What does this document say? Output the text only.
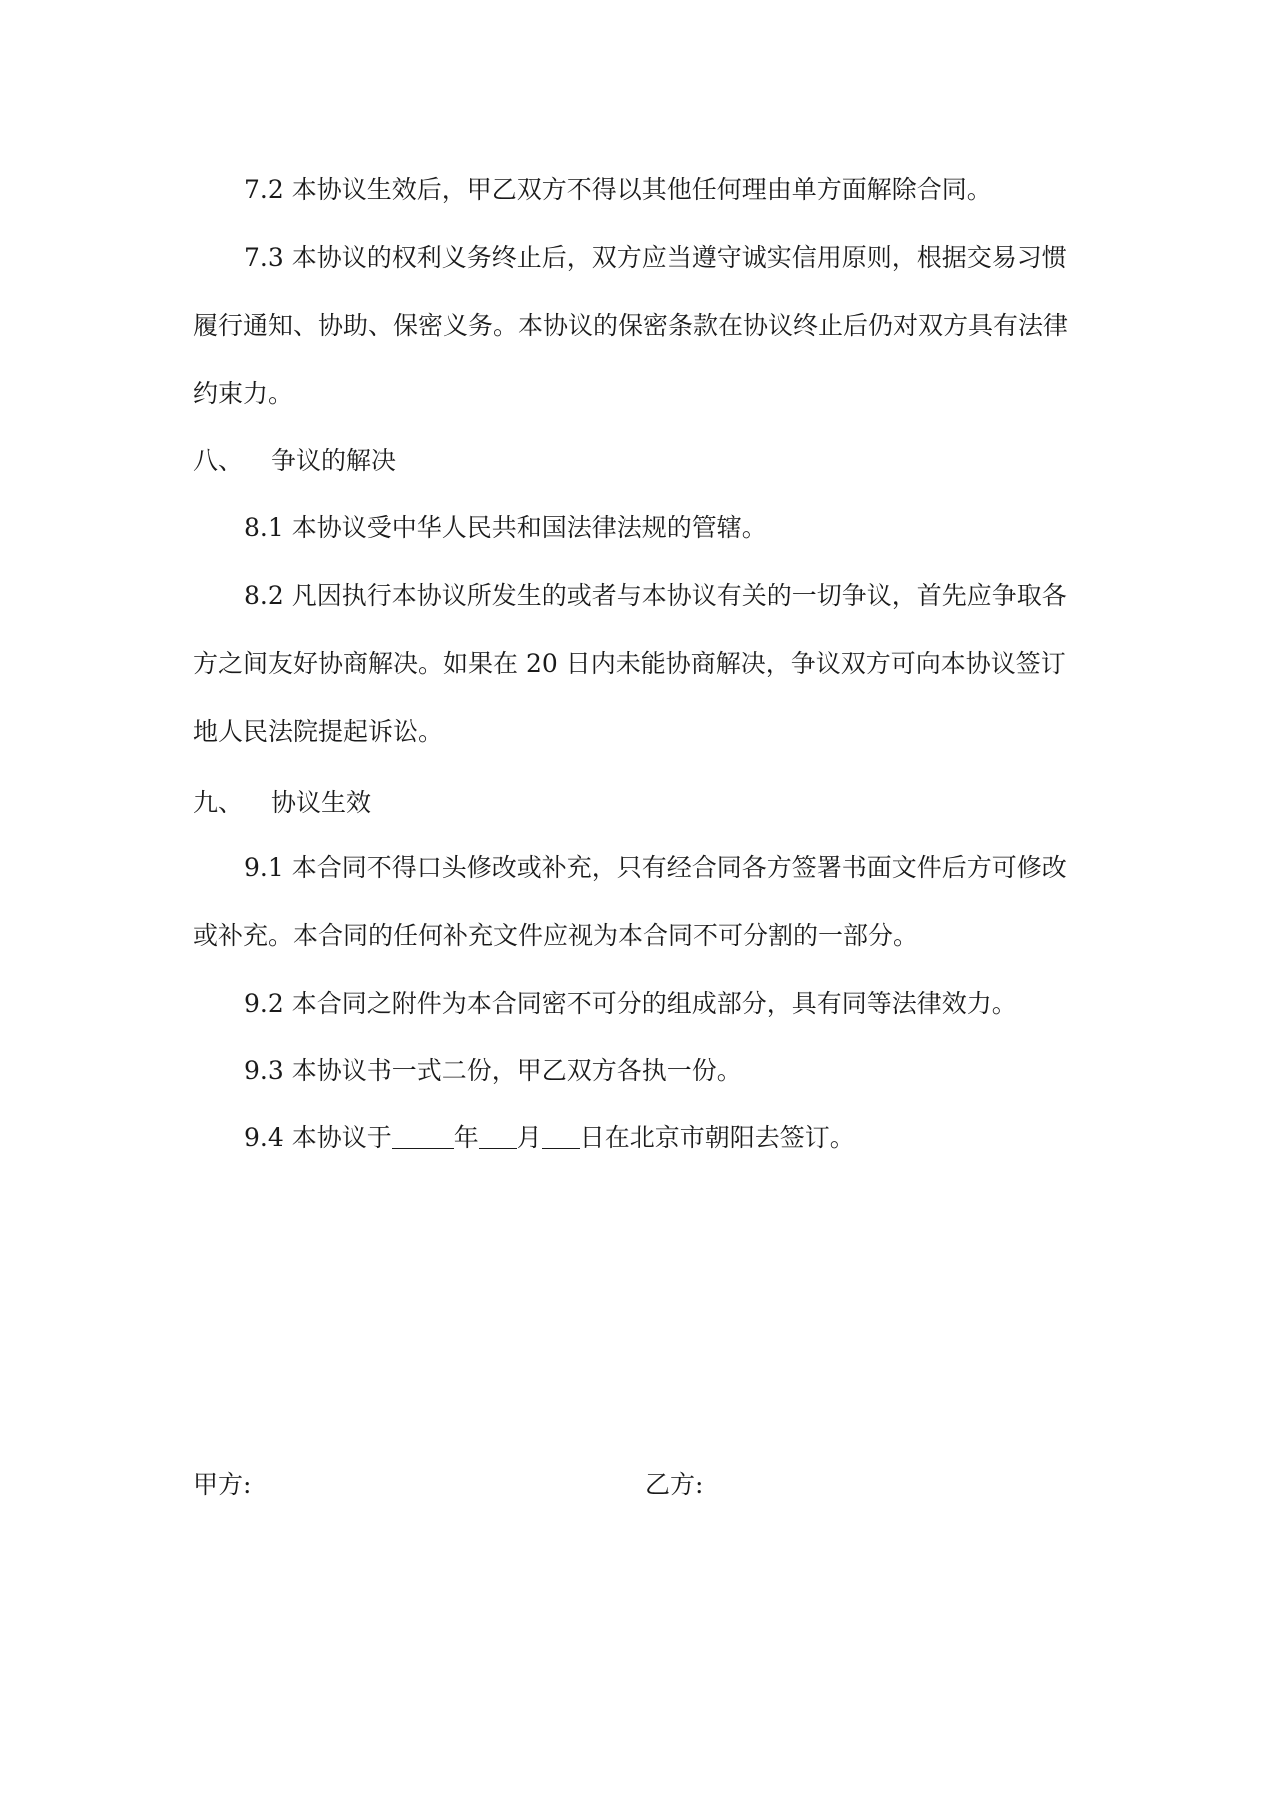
7.2 本协议生效后，甲乙双方不得以其他任何理由单方面解除合同。
7.3 本协议的权利义务终止后，双方应当遵守诚实信用原则，根据交易习惯
履行通知、协助、保密义务。本协议的保密条款在协议终止后仍对双方具有法律
约束力。
八、 争议的解决
8.1 本协议受中华人民共和国法律法规的管辖。
8.2 凡因执行本协议所发生的或者与本协议有关的一切争议，首先应争取各
方之间友好协商解决。如果在 20 日内未能协商解决，争议双方可向本协议签订
地人民法院提起诉讼。
九、 协议生效
9.1 本合同不得口头修改或补充，只有经合同各方签署书面文件后方可修改
或补充。本合同的任何补充文件应视为本合同不可分割的一部分。
9.2 本合同之附件为本合同密不可分的组成部分，具有同等法律效力。
9.3 本协议书一式二份，甲乙双方各执一份。
9.4 本协议于 年 月 日在北京市朝阳去签订。
甲方:	乙方:
